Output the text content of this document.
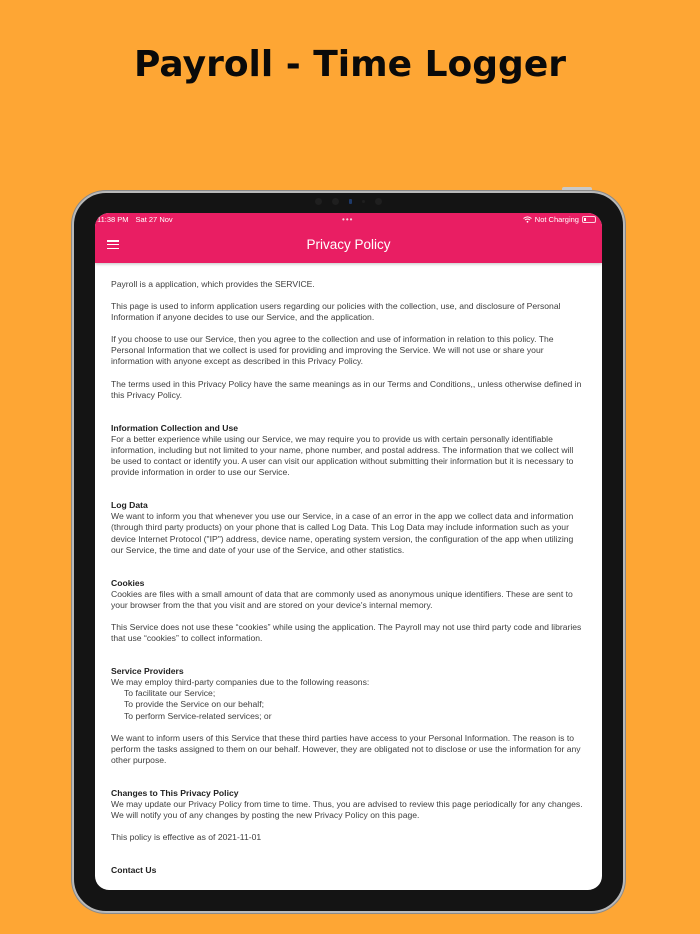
Payroll - Time Logger
11:38 PM Sat 27 Nov	•••	Not Charging
Privacy Policy

Payroll is a application, which provides the SERVICE.

This page is used to inform application users regarding our policies with the collection, use, and disclosure of Personal Information if anyone decides to use our Service, and the application.

If you choose to use our Service, then you agree to the collection and use of information in relation to this policy. The Personal Information that we collect is used for providing and improving the Service. We will not use or share your information with anyone except as described in this Privacy Policy.

The terms used in this Privacy Policy have the same meanings as in our Terms and Conditions,, unless otherwise defined in this Privacy Policy.

Information Collection and Use

For a better experience while using our Service, we may require you to provide us with certain personally identifiable information, including but not limited to your name, phone number, and postal address. The information that we collect will be used to contact or identify you. A user can visit our application without submitting their information but it is necessary to provide information in order to use our Service.

Log Data

We want to inform you that whenever you use our Service, in a case of an error in the app we collect data and information (through third party products) on your phone that is called Log Data. This Log Data may include information such as your device Internet Protocol ("IP") address, device name, operating system version, the configuration of the app when utilizing our Service, the time and date of your use of the Service, and other statistics.

Cookies

Cookies are files with a small amount of data that are commonly used as anonymous unique identifiers. These are sent to your browser from the that you visit and are stored on your device's internal memory.

This Service does not use these “cookies” while using the application. The Payroll may not use third party code and libraries that use “cookies” to collect information.

Service Providers
We may employ third-party companies due to the following reasons:
To facilitate our Service;
To provide the Service on our behalf;
To perform Service-related services; or

We want to inform users of this Service that these third parties have access to your Personal Information. The reason is to perform the tasks assigned to them on our behalf. However, they are obligated not to disclose or use the information for any other purpose.

Changes to This Privacy Policy

We may update our Privacy Policy from time to time. Thus, you are advised to review this page periodically for any changes. We will notify you of any changes by posting the new Privacy Policy on this page.

This policy is effective as of 2021-11-01

Contact Us
